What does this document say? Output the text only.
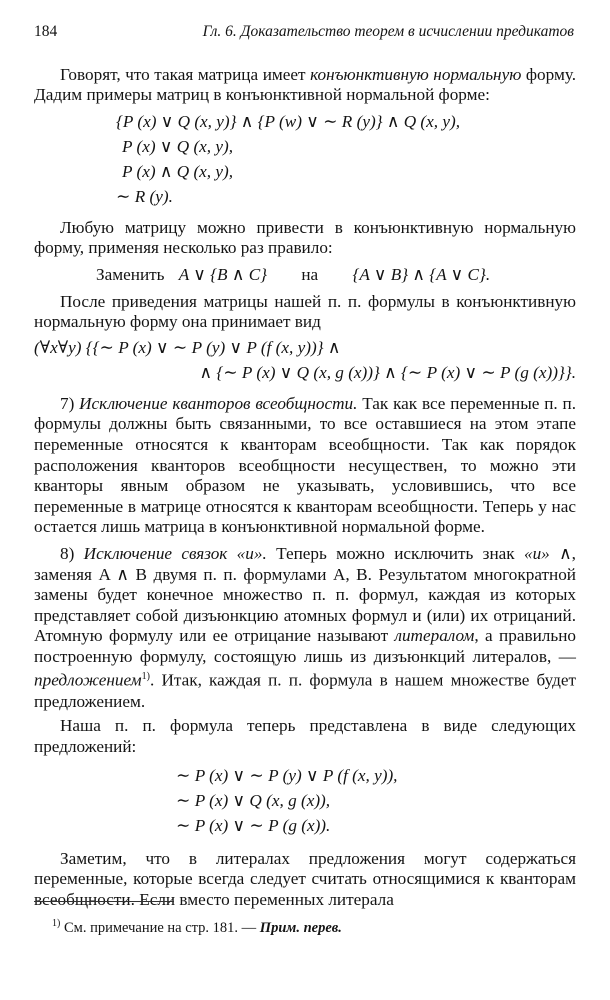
184	Гл. 6. Доказательство теорем в исчислении предикатов

Говорят, что такая матрица имеет конъюнктивную нормальную форму. Дадим примеры матриц в конъюнктивной нормальной форме:

{P (x) ∨ Q (x, y)} ∧ {P (w) ∨ ∼ R (y)} ∧ Q (x, y),
P (x) ∨ Q (x, y),
P (x) ∧ Q (x, y),
∼ R (y).

Любую матрицу можно привести в конъюнктивную нормальную форму, применяя несколько раз правило:

Заменить A ∨ {B ∧ C} на {A ∨ B} ∧ {A ∨ C}.

После приведения матрицы нашей п. п. формулы в конъюнктивную нормальную форму она принимает вид

(∀x∀y) {{∼ P (x) ∨ ∼ P (y) ∨ P (f (x, y))} ∧
∧ {∼ P (x) ∨ Q (x, g (x))} ∧ {∼ P (x) ∨ ∼ P (g (x))}}.

7) Исключение кванторов всеобщности. Так как все переменные п. п. формулы должны быть связанными, то все оставшиеся на этом этапе переменные относятся к кванторам всеобщности. Так как порядок расположения кванторов всеобщности несуществен, то можно эти кванторы явным образом не указывать, условившись, что все переменные в матрице относятся к кванторам всеобщности. Теперь у нас остается лишь матрица в конъюнктивной нормальной форме.

8) Исключение связок «и». Теперь можно исключить знак «и» ∧, заменяя A ∧ B двумя п. п. формулами A, B. Результатом многократной замены будет конечное множество п. п. формул, каждая из которых представляет собой дизъюнкцию атомных формул и (или) их отрицаний. Атомную формулу или ее отрицание называют литералом, а правильно построенную формулу, состоящую лишь из дизъюнкций литералов, — предложением$^{1)}$. Итак, каждая п. п. формула в нашем множестве будет предложением.

Наша п. п. формула теперь представлена в виде следующих предложений:

∼ P (x) ∨ ∼ P (y) ∨ P (f (x, y)),
∼ P (x) ∨ Q (x, g (x)),
∼ P (x) ∨ ∼ P (g (x)).

Заметим, что в литералах предложения могут содержаться переменные, которые всегда следует считать относящимися к кванторам всеобщности. Если вместо переменных литерала

$^{1)}$ См. примечание на стр. 181. — Прим. перев.
